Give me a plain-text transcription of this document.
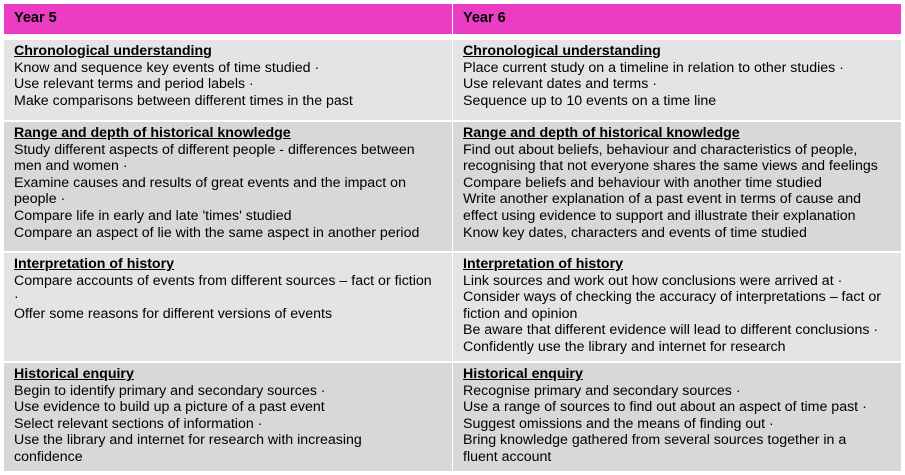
Year 5	Year 6
Chronological understanding
Know and sequence key events of time studied ·
Use relevant terms and period labels ·
Make comparisons between different times in the past
Chronological understanding
Place current study on a timeline in relation to other studies ·
Use relevant dates and terms ·
Sequence up to 10 events on a time line
Range and depth of historical knowledge
Study different aspects of different people - differences between
men and women ·
Examine causes and results of great events and the impact on
people ·
Compare life in early and late 'times' studied
Compare an aspect of lie with the same aspect in another period
Range and depth of historical knowledge
Find out about beliefs, behaviour and characteristics of people,
recognising that not everyone shares the same views and feelings
Compare beliefs and behaviour with another time studied
Write another explanation of a past event in terms of cause and
effect using evidence to support and illustrate their explanation
Know key dates, characters and events of time studied
Interpretation of history
Compare accounts of events from different sources – fact or fiction
·
Offer some reasons for different versions of events
Interpretation of history
Link sources and work out how conclusions were arrived at ·
Consider ways of checking the accuracy of interpretations – fact or
fiction and opinion
Be aware that different evidence will lead to different conclusions ·
Confidently use the library and internet for research
Historical enquiry
Begin to identify primary and secondary sources ·
Use evidence to build up a picture of a past event
Select relevant sections of information ·
Use the library and internet for research with increasing
confidence
Historical enquiry
Recognise primary and secondary sources ·
Use a range of sources to find out about an aspect of time past ·
Suggest omissions and the means of finding out ·
Bring knowledge gathered from several sources together in a
fluent account
